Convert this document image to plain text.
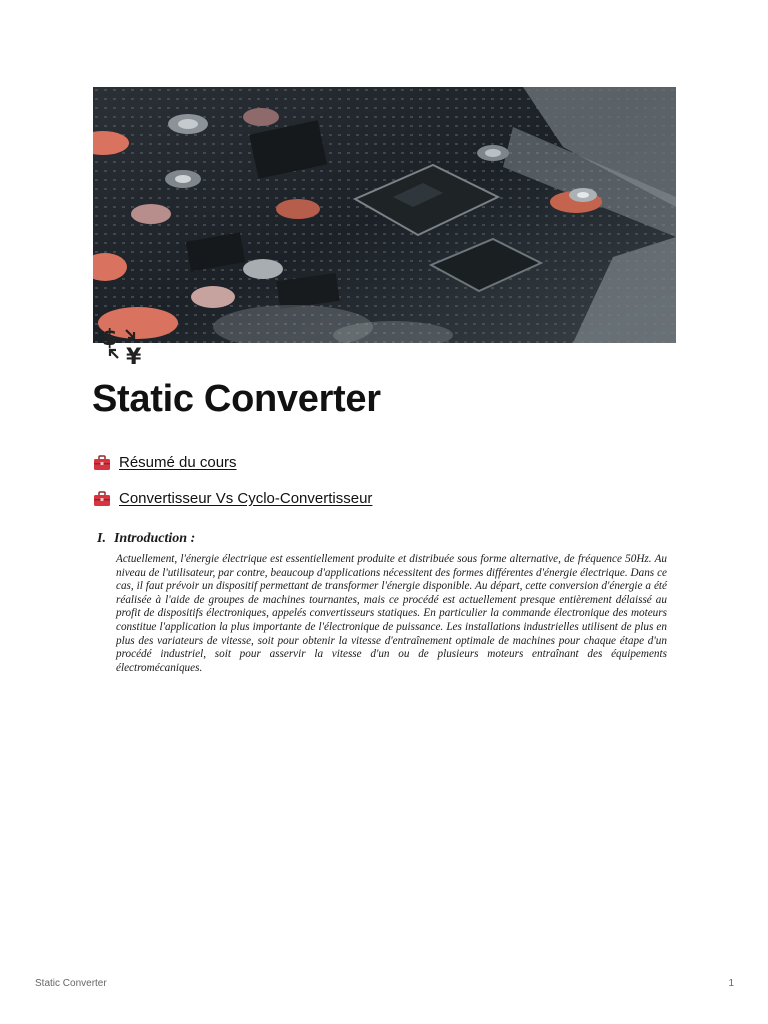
$
¥
Static Converter
Résumé du cours
Convertisseur Vs Cyclo-Convertisseur

I. Introduction :

Actuellement, l'énergie électrique est essentiellement produite et distribuée sous forme alternative, de fréquence 50Hz. Au niveau de l'utilisateur, par contre, beaucoup d'applications nécessitent des formes différentes d'énergie électrique. Dans ce cas, il faut prévoir un dispositif permettant de transformer l'énergie disponible. Au départ, cette conversion d'énergie a été réalisée à l'aide de groupes de machines tournantes, mais ce procédé est actuellement presque entièrement délaissé au profit de dispositifs électroniques, appelés convertisseurs statiques. En particulier la commande électronique des moteurs constitue l'application la plus importante de l'électronique de puissance. Les installations industrielles utilisent de plus en plus des variateurs de vitesse, soit pour obtenir la vitesse d'entraînement optimale de machines pour chaque étape d'un procédé industriel, soit pour asservir la vitesse d'un ou de plusieurs moteurs entraînant des équipements électromécaniques.

Static Converter	1
